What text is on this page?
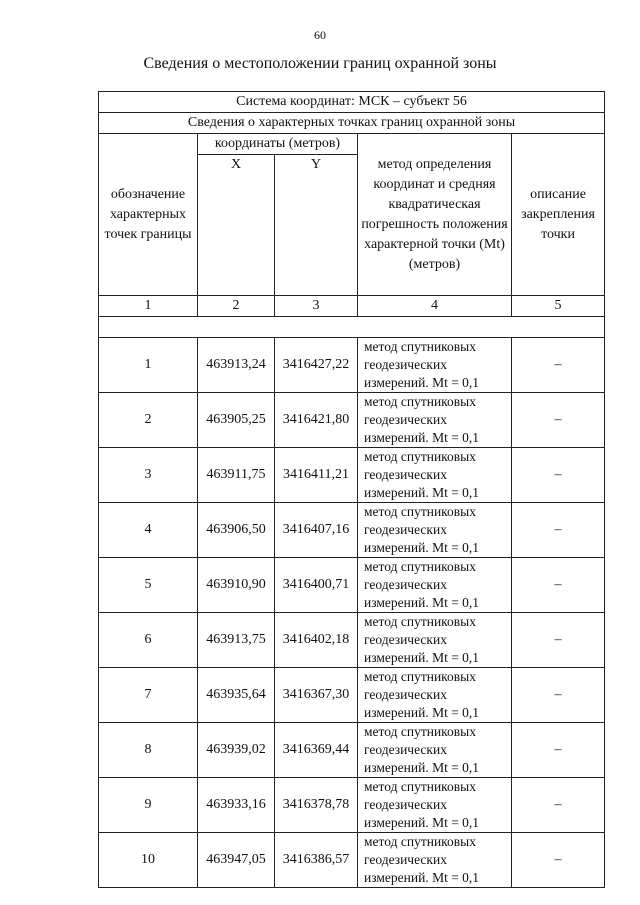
60
Сведения о местоположении границ охранной зоны
Система координат: МСК – субъект 56				
Сведения о характерных точках границ охранной зоны				
обозначение характерных точек границы	координаты (метров)		метод определения координат и средняя квадратическая погрешность положения характерной точки (Mt) (метров)	описание закрепления точки
	X	Y		
1	2	3	4	5

1	463913,24	3416427,22	метод спутниковых геодезических измерений. Mt = 0,1	–
2	463905,25	3416421,80	метод спутниковых геодезических измерений. Mt = 0,1	–
3	463911,75	3416411,21	метод спутниковых геодезических измерений. Mt = 0,1	–
4	463906,50	3416407,16	метод спутниковых геодезических измерений. Mt = 0,1	–
5	463910,90	3416400,71	метод спутниковых геодезических измерений. Mt = 0,1	–
6	463913,75	3416402,18	метод спутниковых геодезических измерений. Mt = 0,1	–
7	463935,64	3416367,30	метод спутниковых геодезических измерений. Mt = 0,1	–
8	463939,02	3416369,44	метод спутниковых геодезических измерений. Mt = 0,1	–
9	463933,16	3416378,78	метод спутниковых геодезических измерений. Mt = 0,1	–
10	463947,05	3416386,57	метод спутниковых геодезических измерений. Mt = 0,1	–
